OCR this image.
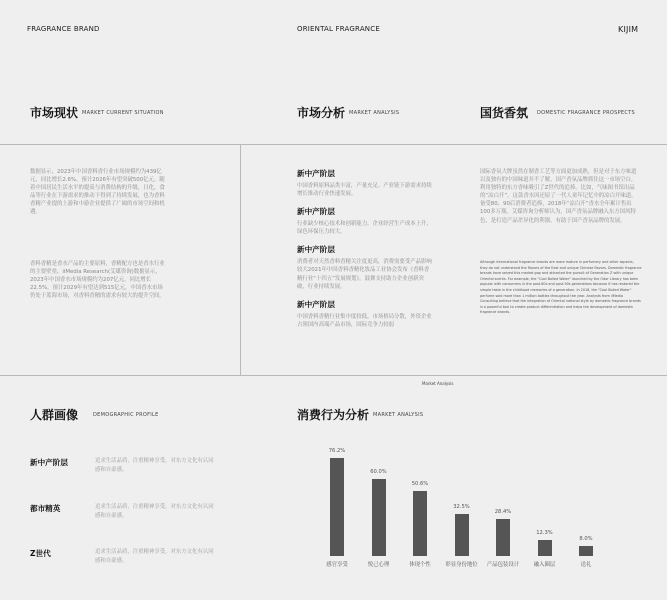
FRAGRANCE BRAND	ORIENTAL FRAGRANCE	KIJIM
市场现状 MARKET CURRENT SITUATION	市场分析 MARKET ANALYSIS	国货香氛 DOMESTIC FRAGRANCE PROSPECTS
数据显示，2023年中国香料香行业市场规模约为439亿元，同比增长2.6%，预计2026年有望突破500亿元，随着中国居民生活水平的提高与消费结构的升级，日化，食品等行业在下游需求的推动下得到了持续发展，也为香料香精产业提的上游和中游企业提供了广阔的市场空间和机遇。
香料香精是香水产品的主要原料，香精配方也是香水行业的主要壁垒，iiMedia Research(艾媒咨询)数据显示，2023年中国香水市场规模约为207亿元，同比增长22.5%，预计2029年有望达到515亿元，中国香水市场仍处于蓝海市场，对香料香精的需求有较大的提升空间。
新中产阶层
中国香料原料品类丰富，产量充足。产业链下游需求持续增长推动行业快速发展。
新中产阶层
行业缺少核心技术和创新能力，企业经营生产成本上升，绿色环保压力较大。
新中产阶层
消费者对天然香料香精关注度更高，消费需要受产品影响较大2021年中国香料香精化妆品工业协会发布《香料香精行业“十四五”发展规划》，鼓舞支持助力企业创新突破，行业持续发展。
新中产阶层
中国香料香精行业集中度较低，市场格局分散，外资企业占领国内高端产品市场，国际竞争力较弱
国际香氛大牌虽然在制香工艺等方面更加成熟，但是对于东方味道以及独有的中国味道并不了解，国产香氛品牌抓住这一市场空白，利用独特的东方香味吸引了Z世代的追捧。比如，气味图书馆出品的“凉白开”，这款香水因还原了一代人童年记忆中的凉白开味道，备受80、90后消费者追捧，2018年“凉白开”香水全年累计售出100多万瓶。艾媒咨询分析师认为，国产香氛品牌融入东方国风特色，是打造产品差异化的利器，有助于国产香氛品牌的发展。
Although international fragrance brands are more mature in perfumery and other aspects, they do not understand the flavors of the East and unique Chinese flavors. Domestic fragrance brands have seized this market gap and attracted the pursuit of Generation Z with unique Oriental scents. For example, the "Cool Boiled Water" launched by the Odor Library has been popular with consumers in the post-80s and post-90s generations because it has restored the simple taste in the childhood memories of a generation. In 2018, the "Cool Boiled Water" perfume sold more than 1 million bottles throughout the year. Analysts from iiMedia Consulting believe that the integration of Oriental national style by domestic fragrance brands is a powerful tool to create product differentiation and helps the development of domestic fragrance brands.
Market Analysis
人群画像	DEMOGRAPHIC PROFILE
新中产阶层	追求生活品质，注重精神享受，对东方文化有认同感和自豪感。
都市精英	追求生活品质，注重精神享受，对东方文化有认同感和自豪感。
Z世代	追求生活品质，注重精神享受，对东方文化有认同感和自豪感。
消费行为分析 MARKET ANALYSIS
76.2%
感官享受
60.0%
悦己心理
50.6%
体现个性
32.5%
彰显身份地位
28.4%
产品包装设计
12.3%
融入圈层
8.0%
送礼
